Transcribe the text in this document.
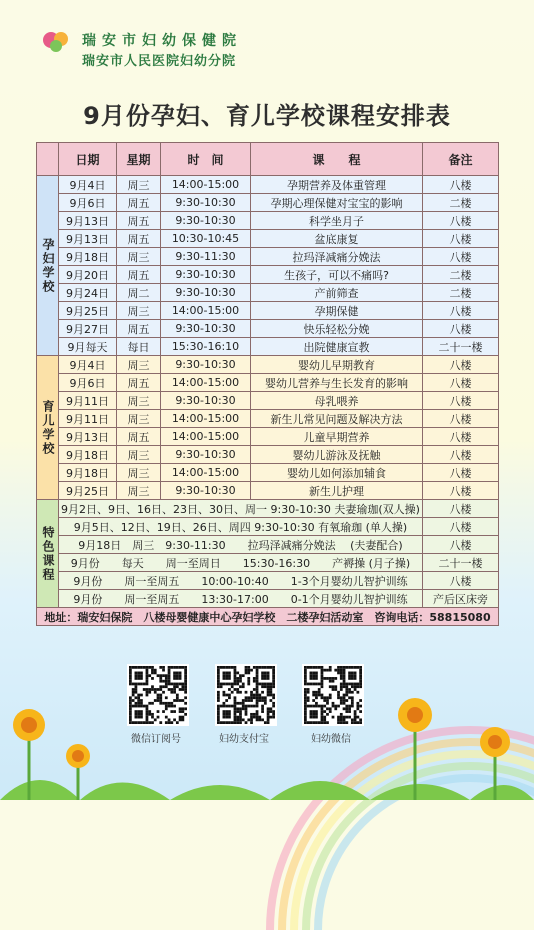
瑞安市妇幼保健院
瑞安市人民医院妇幼分院
9月份孕妇、育儿学校课程安排表
	日期	星期	时　间	课　　程	备注
孕妇学校	9月4日	周三	14:00-15:00	孕期营养及体重管理	八楼
	9月6日	周五	9:30-10:30	孕期心理保健对宝宝的影响	二楼
	9月13日	周五	9:30-10:30	科学坐月子	八楼
	9月13日	周五	10:30-10:45	盆底康复	八楼
	9月18日	周三	9:30-11:30	拉玛泽减痛分娩法	八楼
	9月20日	周五	9:30-10:30	生孩子，可以不痛吗?	二楼
	9月24日	周二	9:30-10:30	产前筛查	二楼
	9月25日	周三	14:00-15:00	孕期保健	八楼
	9月27日	周五	9:30-10:30	快乐轻松分娩	八楼
	9月每天	每日	15:30-16:10	出院健康宣教	二十一楼
育儿学校	9月4日	周三	9:30-10:30	婴幼儿早期教育	八楼
	9月6日	周五	14:00-15:00	婴幼儿营养与生长发育的影响	八楼
	9月11日	周三	9:30-10:30	母乳喂养	八楼
	9月11日	周三	14:00-15:00	新生儿常见问题及解决方法	八楼
	9月13日	周五	14:00-15:00	儿童早期营养	八楼
	9月18日	周三	9:30-10:30	婴幼儿游泳及抚触	八楼
	9月18日	周三	14:00-15:00	婴幼儿如何添加辅食	八楼
	9月25日	周三	9:30-10:30	新生儿护理	八楼
特色课程	9月2日、9日、16日、23日、30日、周一 9:30-10:30 夫妻瑜珈(双人操)				八楼
	9月5日、12日、19日、26日、周四 9:30-10:30 有氧瑜珈 (单人操)				八楼
	9月18日　周三　9:30-11:30　　拉玛泽减痛分娩法　 (夫妻配合)				八楼
	9月份　　每天　　周一至周日　　15:30-16:30　　产褥操 (月子操)				二十一楼
	9月份　　周一至周五　　10:00-10:40　　1-3个月婴幼儿智护训练				八楼
	9月份　　周一至周五　　13:30-17:00　　0-1个月婴幼儿智护训练				产后区床旁
地址：瑞安妇保院　八楼母婴健康中心孕妇学校　二楼孕妇活动室　咨询电话：58815080					
微信订阅号	妇幼支付宝	妇幼微信
